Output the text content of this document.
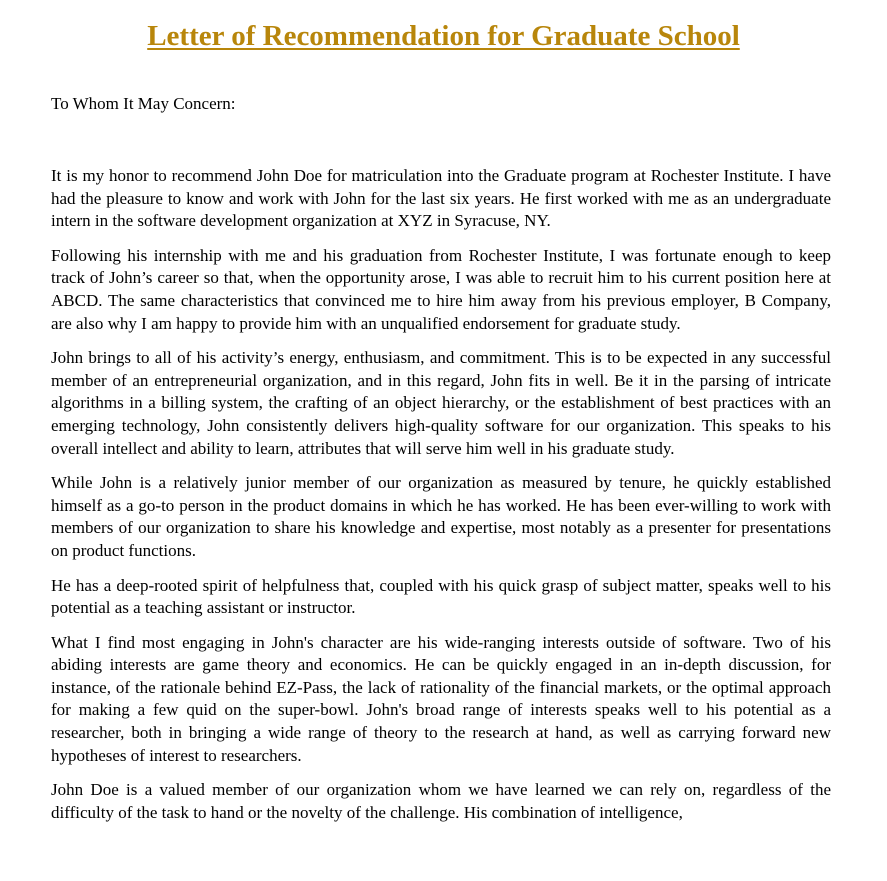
Letter of Recommendation for Graduate School

To Whom It May Concern:

It is my honor to recommend John Doe for matriculation into the Graduate program at Rochester Institute. I have had the pleasure to know and work with John for the last six years. He first worked with me as an undergraduate intern in the software development organization at XYZ in Syracuse, NY.

Following his internship with me and his graduation from Rochester Institute, I was fortunate enough to keep track of John’s career so that, when the opportunity arose, I was able to recruit him to his current position here at ABCD. The same characteristics that convinced me to hire him away from his previous employer, B Company, are also why I am happy to provide him with an unqualified endorsement for graduate study.

John brings to all of his activity’s energy, enthusiasm, and commitment. This is to be expected in any successful member of an entrepreneurial organization, and in this regard, John fits in well. Be it in the parsing of intricate algorithms in a billing system, the crafting of an object hierarchy, or the establishment of best practices with an emerging technology, John consistently delivers high-quality software for our organization. This speaks to his overall intellect and ability to learn, attributes that will serve him well in his graduate study.

While John is a relatively junior member of our organization as measured by tenure, he quickly established himself as a go-to person in the product domains in which he has worked. He has been ever-willing to work with members of our organization to share his knowledge and expertise, most notably as a presenter for presentations on product functions.

He has a deep-rooted spirit of helpfulness that, coupled with his quick grasp of subject matter, speaks well to his potential as a teaching assistant or instructor.

What I find most engaging in John's character are his wide-ranging interests outside of software. Two of his abiding interests are game theory and economics. He can be quickly engaged in an in-depth discussion, for instance, of the rationale behind EZ-Pass, the lack of rationality of the financial markets, or the optimal approach for making a few quid on the super-bowl. John's broad range of interests speaks well to his potential as a researcher, both in bringing a wide range of theory to the research at hand, as well as carrying forward new hypotheses of interest to researchers.

John Doe is a valued member of our organization whom we have learned we can rely on, regardless of the difficulty of the task to hand or the novelty of the challenge. His combination of intelligence,
